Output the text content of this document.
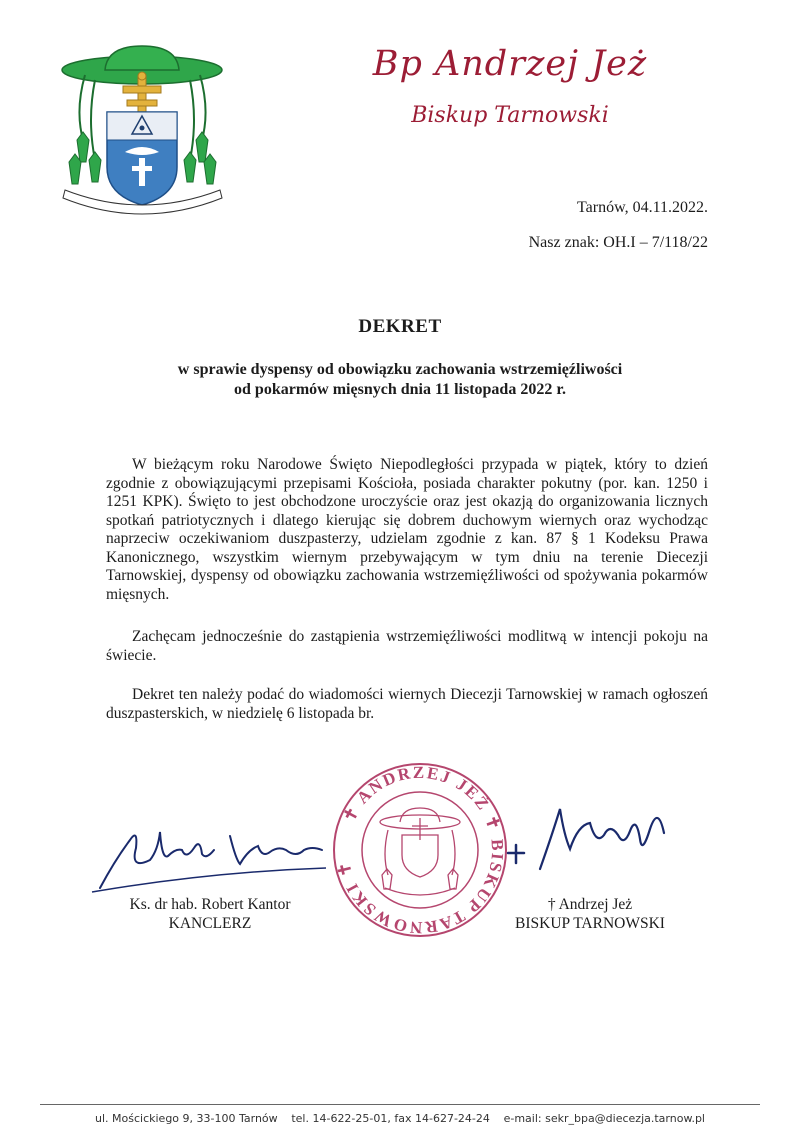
Bp Andrzej Jeż
Biskup Tarnowski
Tarnów, 04.11.2022.
Nasz znak: OH.I – 7/118/22
DEKRET
w sprawie dyspensy od obowiązku zachowania wstrzemięźliwości
od pokarmów mięsnych dnia 11 listopada 2022 r.

W bieżącym roku Narodowe Święto Niepodległości przypada w piątek, który to dzień zgodnie z obowiązującymi przepisami Kościoła, posiada charakter pokutny (por. kan. 1250 i 1251 KPK). Święto to jest obchodzone uroczyście oraz jest okazją do organizowania licznych spotkań patriotycznych i dlatego kierując się dobrem duchowym wiernych oraz wychodząc naprzeciw oczekiwaniom duszpasterzy, udzielam zgodnie z kan. 87 § 1 Kodeksu Prawa Kanonicznego, wszystkim wiernym przebywającym w tym dniu na terenie Diecezji Tarnowskiej, dyspensy od obowiązku zachowania wstrzemięźliwości od spożywania pokarmów mięsnych.

Zachęcam jednocześnie do zastąpienia wstrzemięźliwości modlitwą w intencji pokoju na świecie.

Dekret ten należy podać do wiadomości wiernych Diecezji Tarnowskiej w ramach ogłoszeń duszpasterskich, w niedzielę 6 listopada br.

✝ ANDRZEJ JEŻ ✝ BISKUP TARNOWSKI ✝
Ks. dr hab. Robert Kantor
KANCLERZ
† Andrzej Jeż
BISKUP TARNOWSKI
ul. Mościckiego 9, 33-100 Tarnów tel. 14-622-25-01, fax 14-627-24-24 e-mail: sekr_bpa@diecezja.tarnow.pl
